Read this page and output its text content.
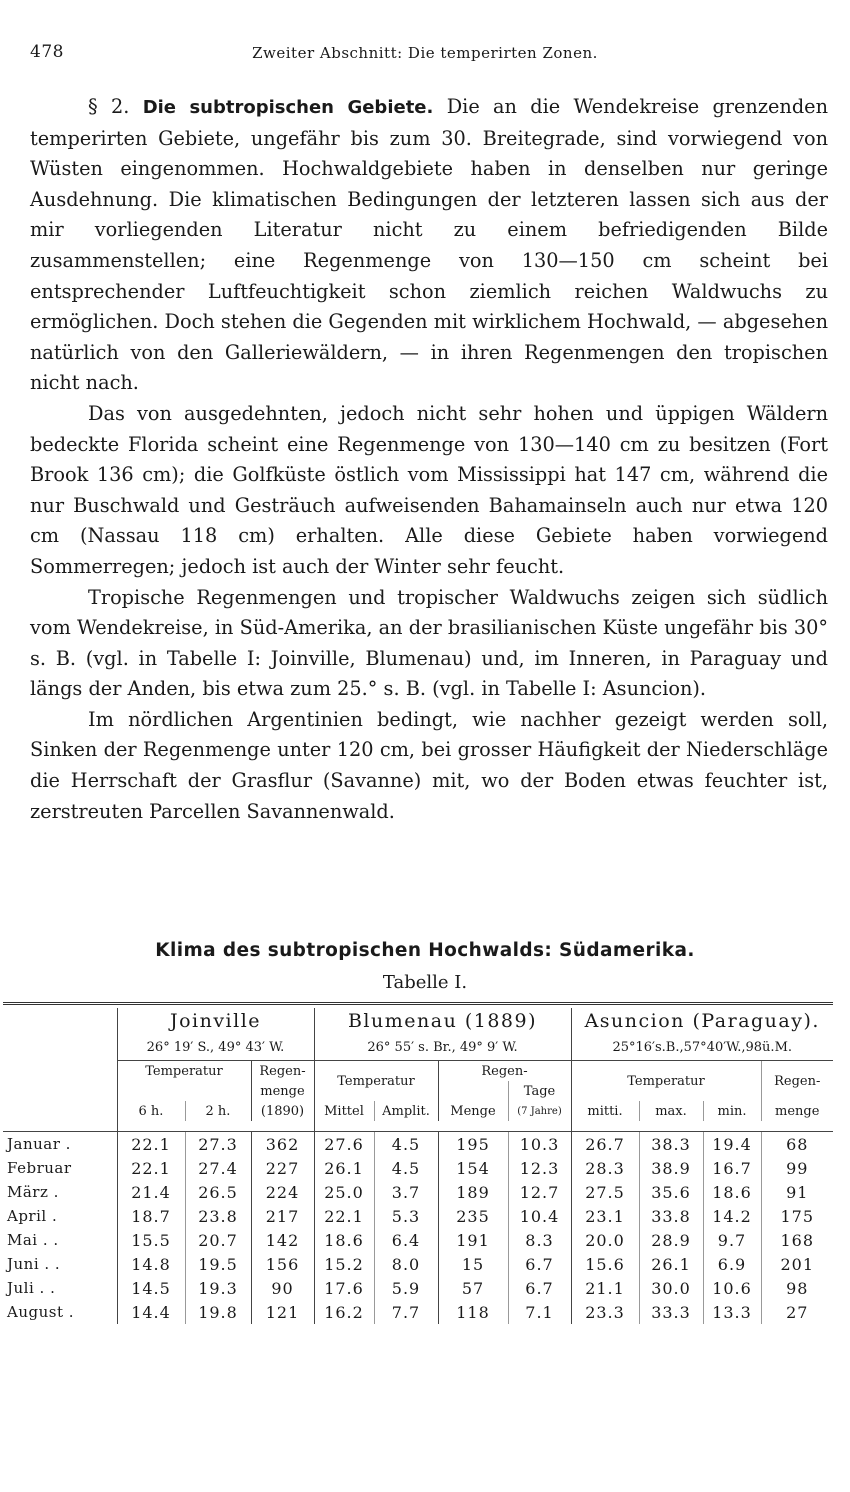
478	Zweiter Abschnitt: Die temperirten Zonen.

§ 2. Die subtropischen Gebiete. Die an die Wendekreise grenzenden temperirten Gebiete, ungefähr bis zum 30. Breitegrade, sind vorwiegend von Wüsten eingenommen. Hochwaldgebiete haben in denselben nur geringe Ausdehnung. Die klimatischen Bedingungen der letzteren lassen sich aus der mir vorliegenden Literatur nicht zu einem befriedigenden Bilde zusammenstellen; eine Regenmenge von 130—150 cm scheint bei entsprechender Luftfeuchtigkeit schon ziemlich reichen Waldwuchs zu ermöglichen. Doch stehen die Gegenden mit wirklichem Hochwald, — abgesehen natürlich von den Galleriewäldern, — in ihren Regenmengen den tropischen nicht nach.

Das von ausgedehnten, jedoch nicht sehr hohen und üppigen Wäldern bedeckte Florida scheint eine Regenmenge von 130—140 cm zu besitzen (Fort Brook 136 cm); die Golfküste östlich vom Mississippi hat 147 cm, während die nur Buschwald und Gesträuch aufweisenden Bahamainseln auch nur etwa 120 cm (Nassau 118 cm) erhalten. Alle diese Gebiete haben vorwiegend Sommerregen; jedoch ist auch der Winter sehr feucht.

Tropische Regenmengen und tropischer Waldwuchs zeigen sich südlich vom Wendekreise, in Süd-Amerika, an der brasilianischen Küste ungefähr bis 30° s. B. (vgl. in Tabelle I: Joinville, Blumenau) und, im Inneren, in Paraguay und längs der Anden, bis etwa zum 25.° s. B. (vgl. in Tabelle I: Asuncion).

Im nördlichen Argentinien bedingt, wie nachher gezeigt werden soll, Sinken der Regenmenge unter 120 cm, bei grosser Häufigkeit der Niederschläge die Herrschaft der Grasflur (Savanne) mit, wo der Boden etwas feuchter ist, zerstreuten Parcellen Savannenwald.

Klima des subtropischen Hochwalds: Südamerika.
Tabelle I.

	Joinville			Blumenau (1889)				Asuncion (Paraguay).			
	26° 19′ S., 49° 43′ W.			26° 55′ s. Br., 49° 9′ W.				25°16′s.B.,57°40′W.,98ü.M.			
	Temperatur		Regen-	Temperatur		Regen-		Temperatur			Regen-
			menge				Tage				
	6 h.	2 h.	(1890)	Mittel	Amplit.	Menge	(7 Jahre)	mitti.	max.	min.	menge

Januar .	22.1	27.3	362	27.6	4.5	195	10.3	26.7	38.3	19.4	68
Februar	22.1	27.4	227	26.1	4.5	154	12.3	28.3	38.9	16.7	99
März .	21.4	26.5	224	25.0	3.7	189	12.7	27.5	35.6	18.6	91
April .	18.7	23.8	217	22.1	5.3	235	10.4	23.1	33.8	14.2	175
Mai . .	15.5	20.7	142	18.6	6.4	191	8.3	20.0	28.9	9.7	168
Juni . .	14.8	19.5	156	15.2	8.0	15	6.7	15.6	26.1	6.9	201
Juli . .	14.5	19.3	90	17.6	5.9	57	6.7	21.1	30.0	10.6	98
August .	14.4	19.8	121	16.2	7.7	118	7.1	23.3	33.3	13.3	27
